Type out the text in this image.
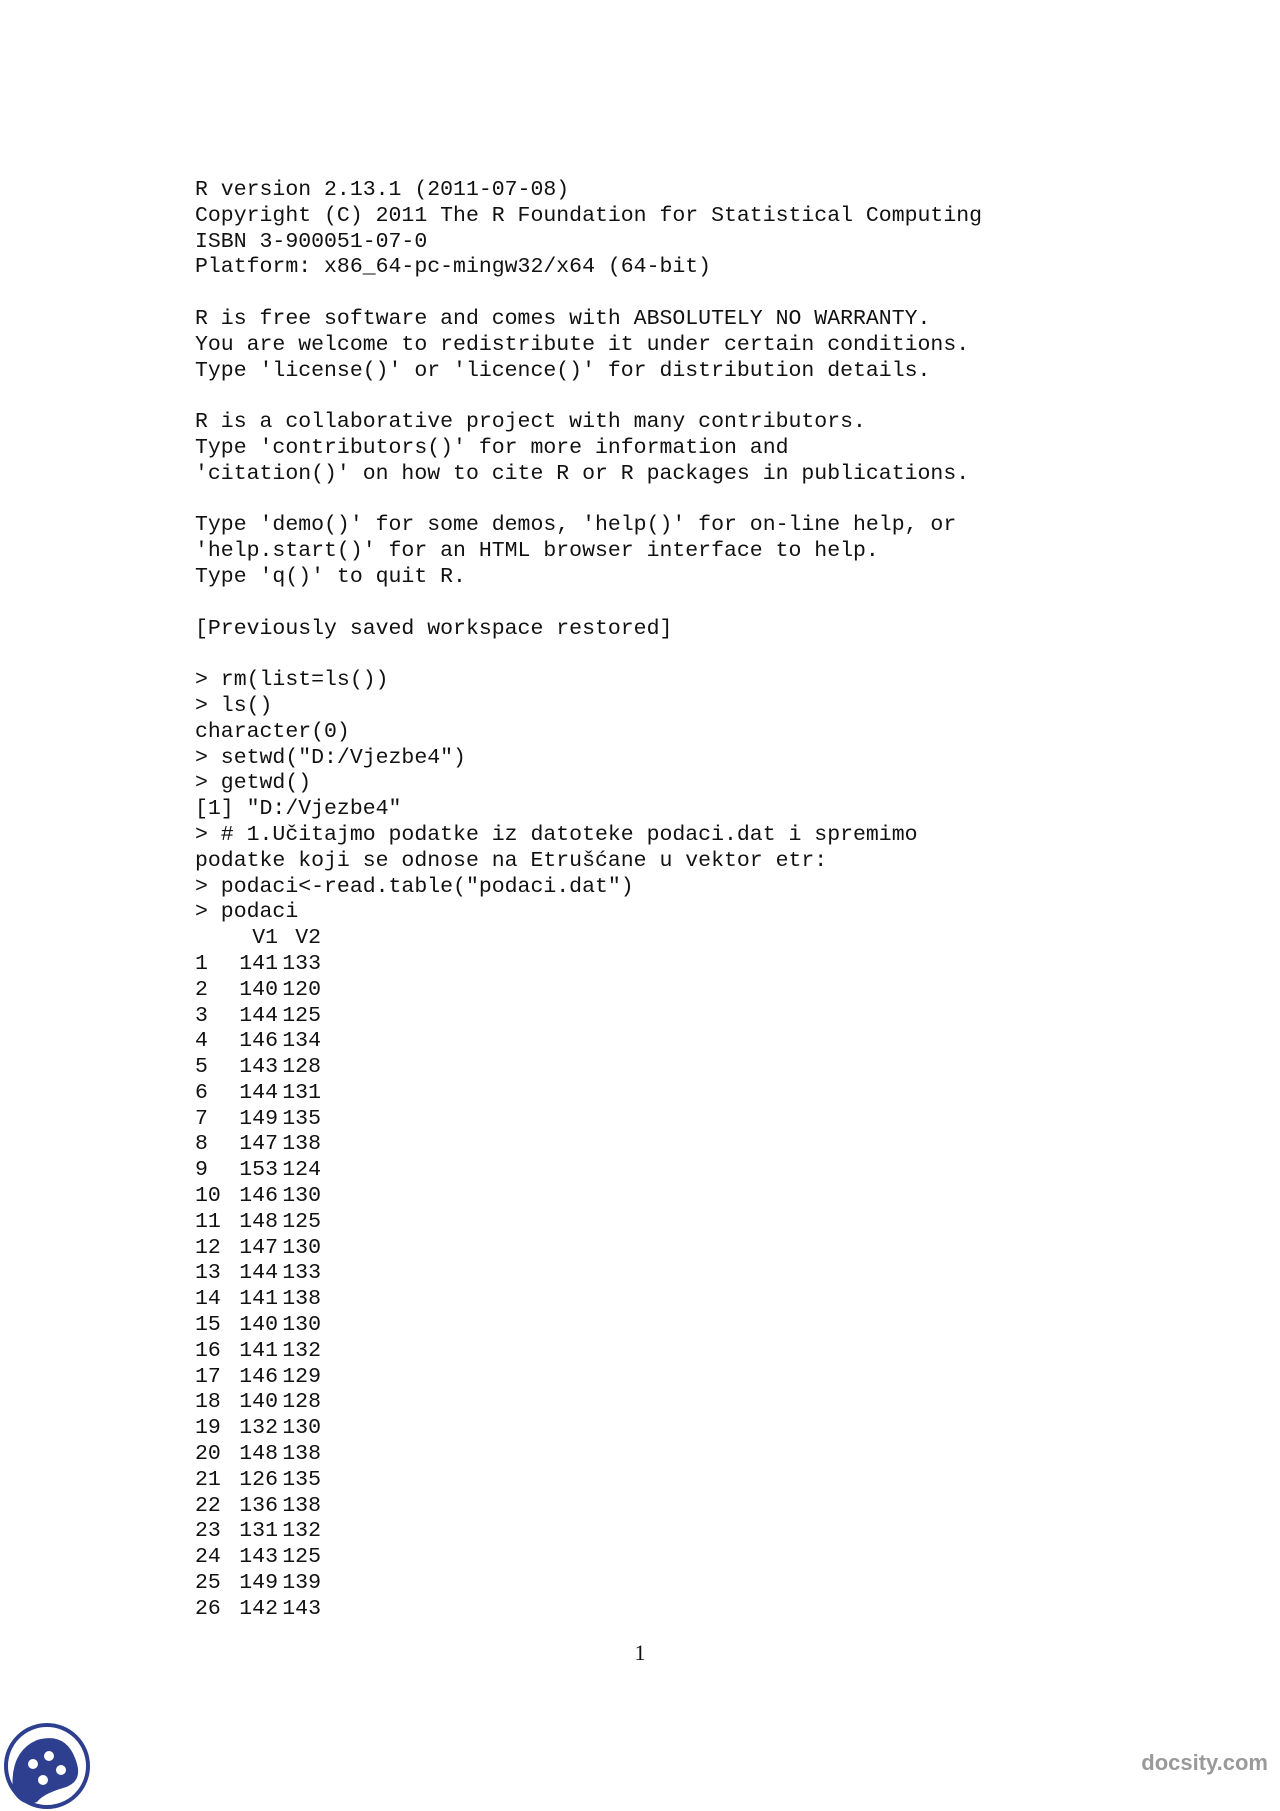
R version 2.13.1 (2011-07-08)
Copyright (C) 2011 The R Foundation for Statistical Computing
ISBN 3-900051-07-0
Platform: x86_64-pc-mingw32/x64 (64-bit)
R is free software and comes with ABSOLUTELY NO WARRANTY.
You are welcome to redistribute it under certain conditions.
Type 'license()' or 'licence()' for distribution details.
R is a collaborative project with many contributors.
Type 'contributors()' for more information and
'citation()' on how to cite R or R packages in publications.
Type 'demo()' for some demos, 'help()' for on-line help, or
'help.start()' for an HTML browser interface to help.
Type 'q()' to quit R.
[Previously saved workspace restored]
> rm(list=ls())
> ls()
character(0)
> setwd("D:/Vjezbe4")
> getwd()
[1] "D:/Vjezbe4"
> # 1.Učitajmo podatke iz datoteke podaci.dat i spremimo
podatke koji se odnose na Etrušćane u vektor etr:
> podaci<-read.table("podaci.dat")
> podaci
	V1	V2
1	141	133
2	140	120
3	144	125
4	146	134
5	143	128
6	144	131
7	149	135
8	147	138
9	153	124
10	146	130
11	148	125
12	147	130
13	144	133
14	141	138
15	140	130
16	141	132
17	146	129
18	140	128
19	132	130
20	148	138
21	126	135
22	136	138
23	131	132
24	143	125
25	149	139
26	142	143
1
docsity.com
